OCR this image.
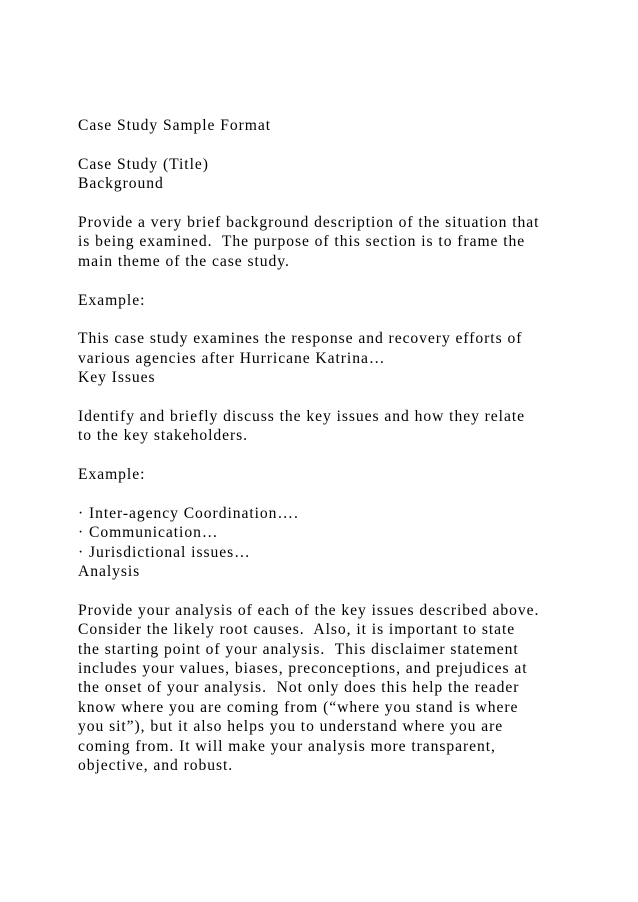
Case Study Sample Format
Case Study (Title)
Background
Provide a very brief background description of the situation that
is being examined.  The purpose of this section is to frame the
main theme of the case study.
Example:
This case study examines the response and recovery efforts of
various agencies after Hurricane Katrina…
Key Issues
Identify and briefly discuss the key issues and how they relate
to the key stakeholders.
Example:
· Inter-agency Coordination….
· Communication…
· Jurisdictional issues…
Analysis
Provide your analysis of each of the key issues described above.
Consider the likely root causes.  Also, it is important to state
the starting point of your analysis.  This disclaimer statement
includes your values, biases, preconceptions, and prejudices at
the onset of your analysis.  Not only does this help the reader
know where you are coming from (“where you stand is where
you sit”), but it also helps you to understand where you are
coming from. It will make your analysis more transparent,
objective, and robust.
